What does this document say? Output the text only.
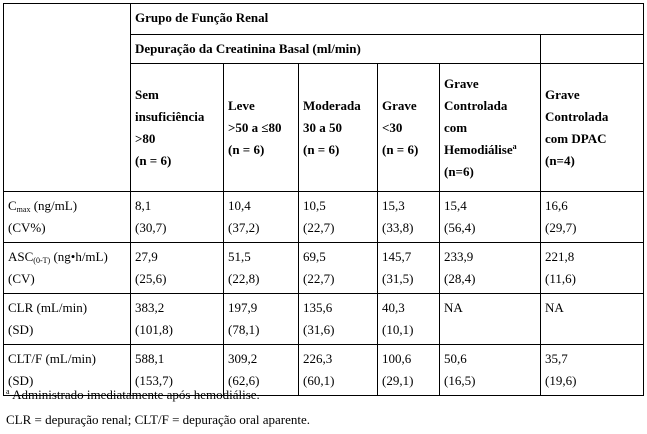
	Grupo de Função Renal					
	Depuração da Creatinina Basal (ml/min)					

	Sem
insuficiência
>80
(n = 6)	Leve
>50 a ≤80
(n = 6)	Moderada
30 a 50
(n = 6)	Grave
<30
(n = 6)	Grave
Controlada
com
Hemodiálise$^a$
(n=6)	Grave
Controlada
com DPAC
(n=4)

$C_{max}$ (ng/mL)
(CV%)	8,1
(30,7)	10,4
(37,2)	10,5
(22,7)	15,3
(33,8)	15,4
(56,4)	16,6
(29,7)

$ASC_{(0-T)}$ (ng•h/mL)
(CV)	27,9
(25,6)	51,5
(22,8)	69,5
(22,7)	145,7
(31,5)	233,9
(28,4)	221,8
(11,6)

CLR (mL/min)
(SD)	383,2
(101,8)	197,9
(78,1)	135,6
(31,6)	40,3
(10,1)	NA	NA

CLT/F (mL/min)
(SD)	588,1
(153,7)	309,2
(62,6)	226,3
(60,1)	100,6
(29,1)	50,6
(16,5)	35,7
(19,6)
$^a$ Administrado imediatamente após hemodiálise.
CLR = depuração renal; CLT/F = depuração oral aparente.
